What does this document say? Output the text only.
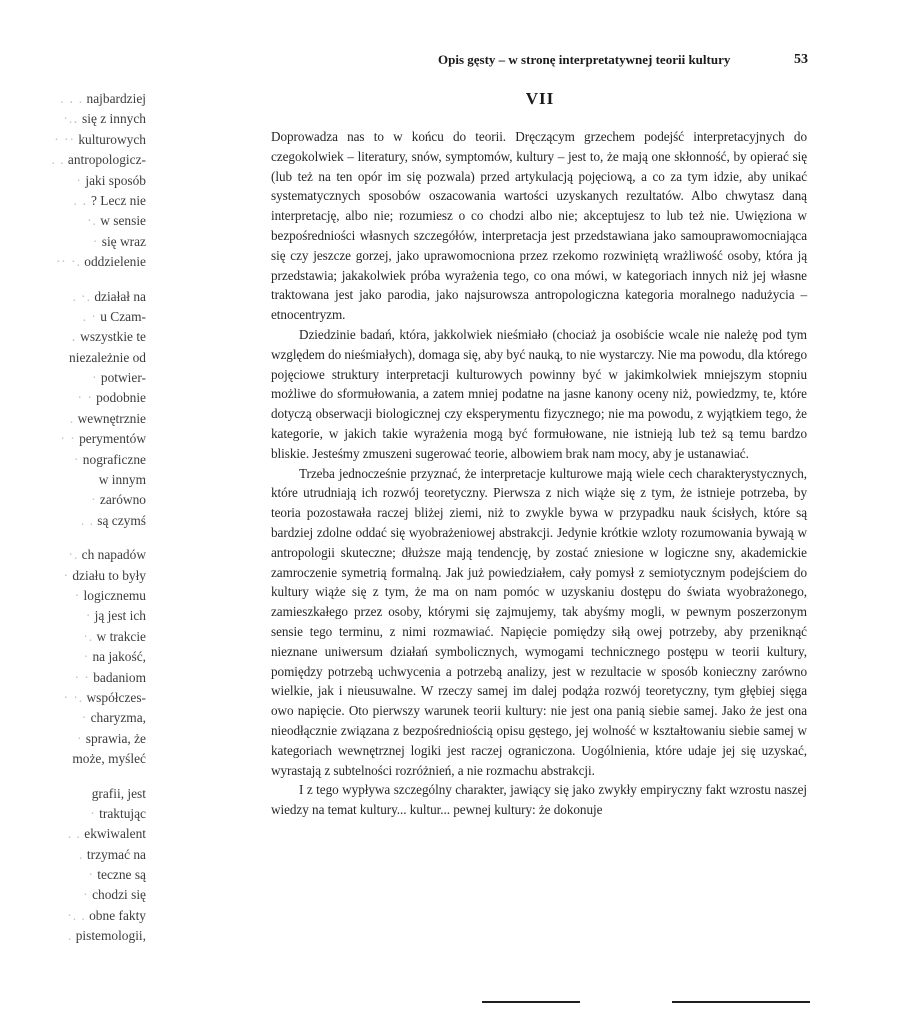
Opis gęsty – w stronę interpretatywnej teorii kultury	53
VII

Doprowadza nas to w końcu do teorii. Dręczącym grzechem podejść interpretacyjnych do czegokolwiek – literatury, snów, symptomów, kultury – jest to, że mają one skłonność, by opierać się (lub też na ten opór im się pozwala) przed artykulacją pojęciową, a co za tym idzie, aby unikać systematycznych sposobów oszacowania wartości uzyskanych rezultatów. Albo chwytasz daną interpretację, albo nie; rozumiesz o co chodzi albo nie; akceptujesz to lub też nie. Uwięziona w bezpośredniości własnych szczegółów, interpretacja jest przedstawiana jako samouprawomocniająca się czy jeszcze gorzej, jako uprawomocniona przez rzekomo rozwiniętą wrażliwość osoby, która ją przedstawia; jakakolwiek próba wyrażenia tego, co ona mówi, w kategoriach innych niż jej własne traktowana jest jako parodia, jako najsurowsza antropologiczna kategoria moralnego nadużycia – etnocentryzm.

Dziedzinie badań, która, jakkolwiek nieśmiało (chociaż ja osobiście wcale nie należę pod tym względem do nieśmiałych), domaga się, aby być nauką, to nie wystarczy. Nie ma powodu, dla którego pojęciowe struktury interpretacji kulturowych powinny być w jakimkolwiek mniejszym stopniu możliwe do sformułowania, a zatem mniej podatne na jasne kanony oceny niż, powiedzmy, te, które dotyczą obserwacji biologicznej czy eksperymentu fizycznego; nie ma powodu, z wyjątkiem tego, że kategorie, w jakich takie wyrażenia mogą być formułowane, nie istnieją lub też są temu bardzo bliskie. Jesteśmy zmuszeni sugerować teorie, albowiem brak nam mocy, aby je ustanawiać.

Trzeba jednocześnie przyznać, że interpretacje kulturowe mają wiele cech charakterystycznych, które utrudniają ich rozwój teoretyczny. Pierwsza z nich wiąże się z tym, że istnieje potrzeba, by teoria pozostawała raczej bliżej ziemi, niż to zwykle bywa w przypadku nauk ścisłych, które są bardziej zdolne oddać się wyobrażeniowej abstrakcji. Jedynie krótkie wzloty rozumowania bywają w antropologii skuteczne; dłuższe mają tendencję, by zostać zniesione w logiczne sny, akademickie zamroczenie symetrią formalną. Jak już powiedziałem, cały pomysł z semiotycznym podejściem do kultury wiąże się z tym, że ma on nam pomóc w uzyskaniu dostępu do świata wyobrażonego, zamieszkałego przez osoby, którymi się zajmujemy, tak abyśmy mogli, w pewnym poszerzonym sensie tego terminu, z nimi rozmawiać. Napięcie pomiędzy siłą owej potrzeby, aby przeniknąć nieznane uniwersum działań symbolicznych, wymogami technicznego postępu w teorii kultury, pomiędzy potrzebą uchwycenia a potrzebą analizy, jest w rezultacie w sposób konieczny zarówno wielkie, jak i nieusuwalne. W rzeczy samej im dalej podąża rozwój teoretyczny, tym głębiej sięga owo napięcie. Oto pierwszy warunek teorii kultury: nie jest ona panią siebie samej. Jako że jest ona nieodłącznie związana z bezpośredniością opisu gęstego, jej wolność w kształtowaniu siebie samej w kategoriach wewnętrznej logiki jest raczej ograniczona. Uogólnienia, które udaje jej się uzyskać, wyrastają z subtelności rozróżnień, a nie rozmachu abstrakcji.

I z tego wypływa szczególny charakter, jawiący się jako zwykły empiryczny fakt wzrostu naszej wiedzy na temat kultury... kultur... pewnej kultury: że dokonuje

. ․ . najbardziej
·.․ się z innych
· ·· kulturowych
. . antropologicz-
· jaki sposób
. ․ ? Lecz nie
·. w sensie
· się wraz
·· ·. oddzielenie
. ·. działał na
. · u Czam-
․ wszystkie te
niezależnie od
· potwier-
· · podobnie
. wewnętrznie
· · perymentów
· nograficzne
w innym
· zarówno
. . są czymś
·. ch napadów
· działu to były
· logicznemu
· ją jest ich
·. w trakcie
· na jakość,
· · badaniom
· ·. współczes-
· charyzma,
· sprawia, że
może, myśleć
grafii, jest
· traktując
. . ekwiwalent
. trzymać na
· teczne są
· chodzi się
·. . obne fakty
. pistemologii,
